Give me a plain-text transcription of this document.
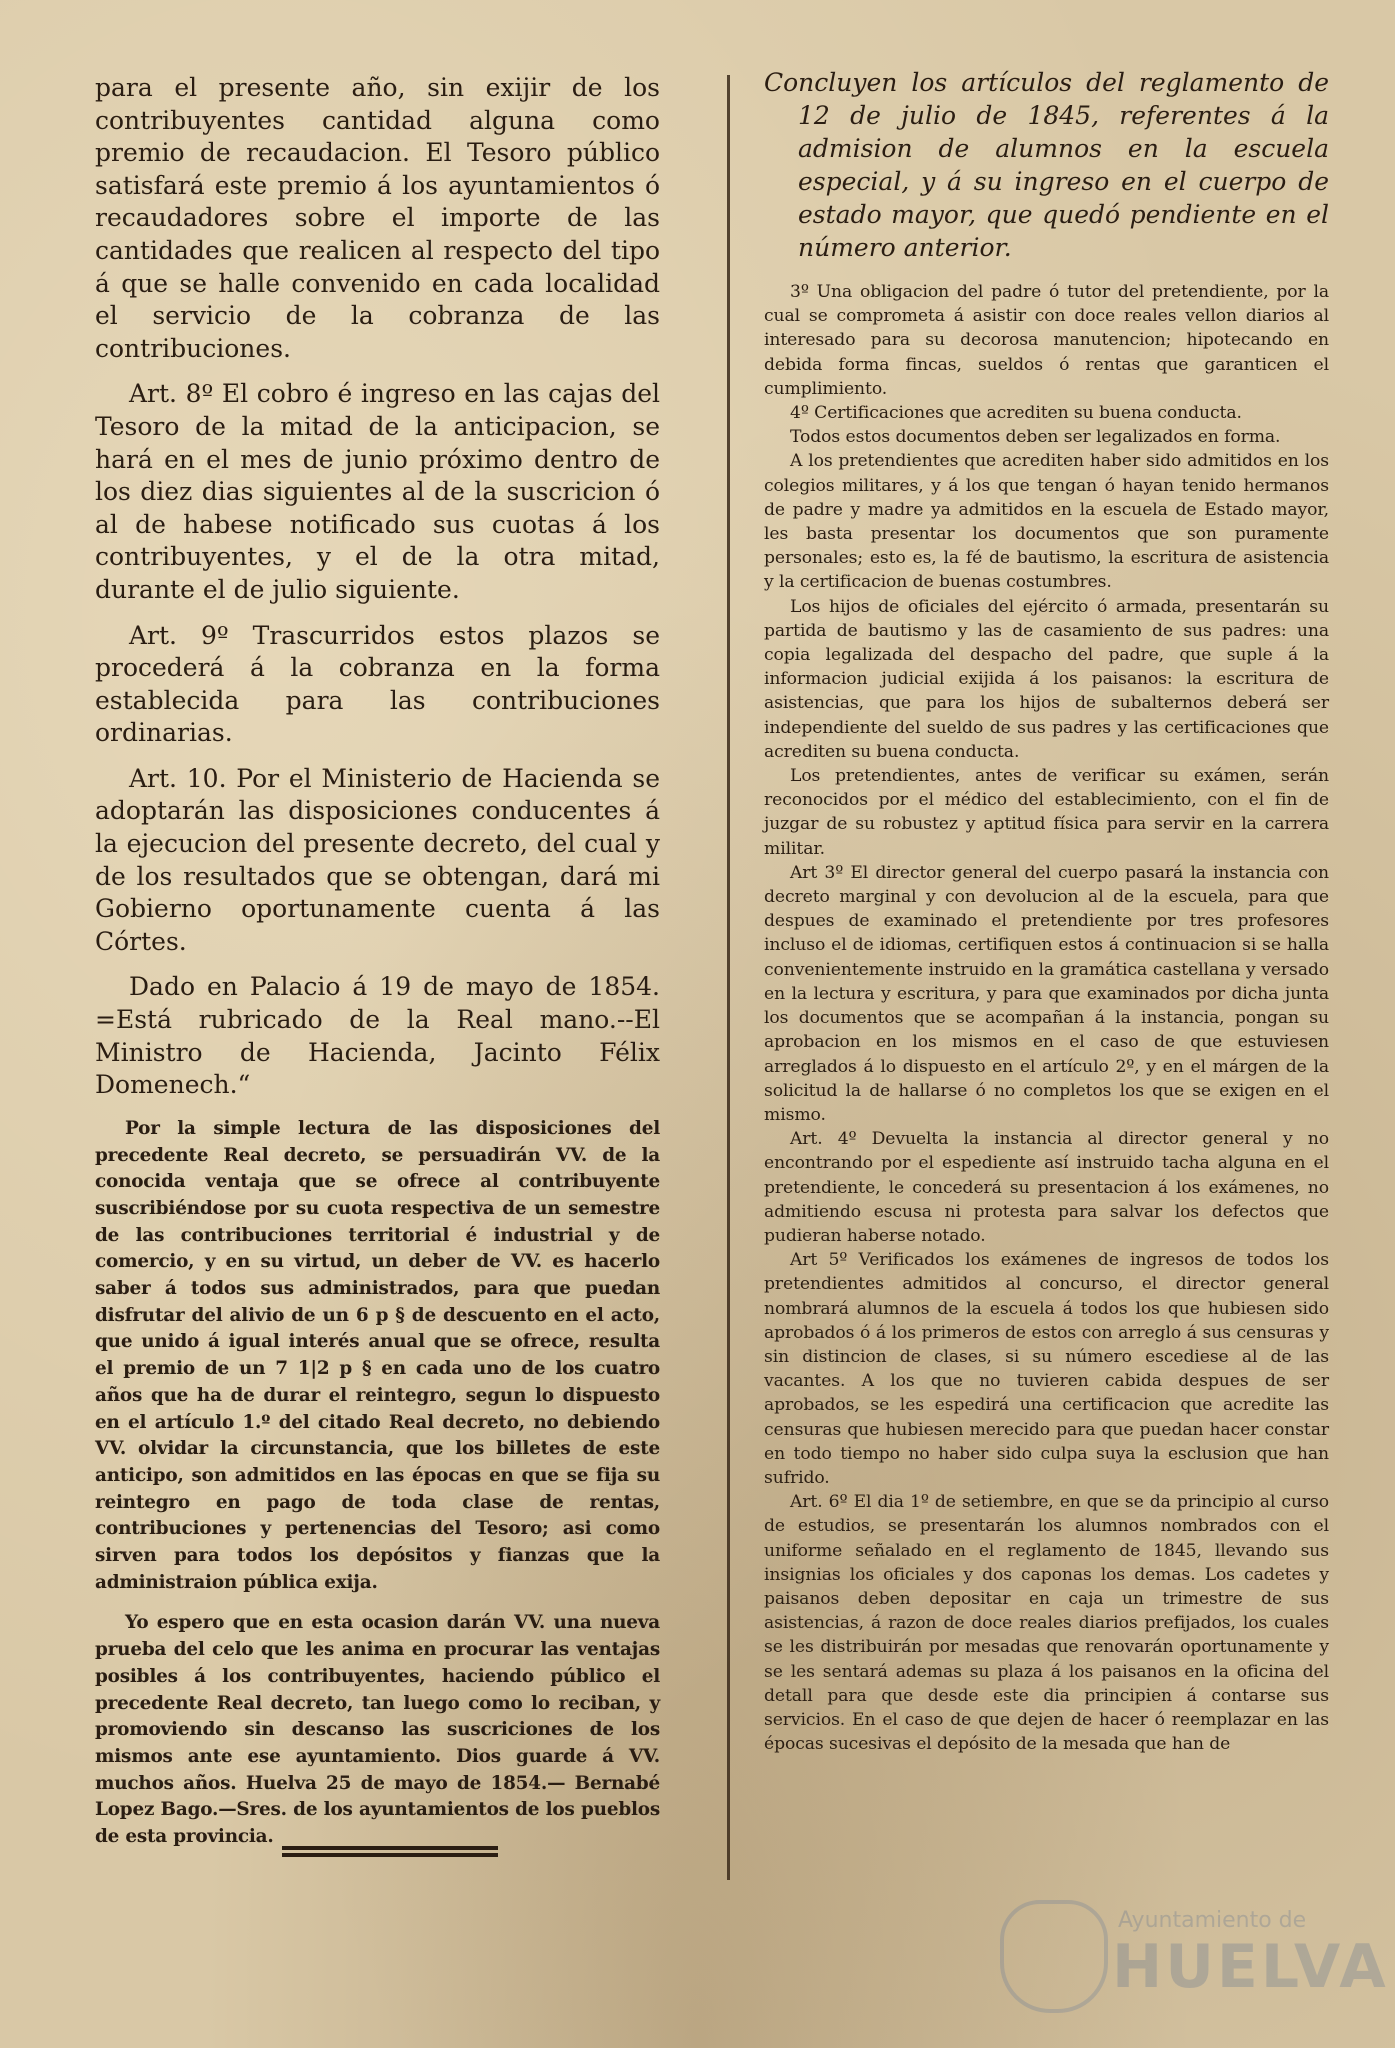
para el presente año, sin exijir de los contribuyentes cantidad alguna como premio de recaudacion. El Tesoro público satisfará este premio á los ayuntamientos ó recaudadores sobre el importe de las cantidades que realicen al respecto del tipo á que se halle convenido en cada localidad el servicio de la cobranza de las contribuciones.

Art. 8º El cobro é ingreso en las cajas del Tesoro de la mitad de la anticipacion, se hará en el mes de junio próximo dentro de los diez dias siguientes al de la suscricion ó al de habese notificado sus cuotas á los contribuyentes, y el de la otra mitad, durante el de julio siguiente.

Art. 9º Trascurridos estos plazos se procederá á la cobranza en la forma establecida para las contribuciones ordinarias.

Art. 10. Por el Ministerio de Hacienda se adoptarán las disposiciones conducentes á la ejecucion del presente decreto, del cual y de los resultados que se obtengan, dará mi Gobierno oportunamente cuenta á las Córtes.

Dado en Palacio á 19 de mayo de 1854. =Está rubricado de la Real mano.--El Ministro de Hacienda, Jacinto Félix Domenech.“

Por la simple lectura de las disposiciones del precedente Real decreto, se persuadirán VV. de la conocida ventaja que se ofrece al contribuyente suscribiéndose por su cuota respectiva de un semestre de las contribuciones territorial é industrial y de comercio, y en su virtud, un deber de VV. es hacerlo saber á todos sus administrados, para que puedan disfrutar del alivio de un 6 p § de descuento en el acto, que unido á igual interés anual que se ofrece, resulta el premio de un 7 1|2 p § en cada uno de los cuatro años que ha de durar el reintegro, segun lo dispuesto en el artículo 1.º del citado Real decreto, no debiendo VV. olvidar la circunstancia, que los billetes de este anticipo, son admitidos en las épocas en que se fija su reintegro en pago de toda clase de rentas, contribuciones y pertenencias del Tesoro; asi como sirven para todos los depósitos y fianzas que la administraion pública exija.

Yo espero que en esta ocasion darán VV. una nueva prueba del celo que les anima en procurar las ventajas posibles á los contribuyentes, haciendo público el precedente Real decreto, tan luego como lo reciban, y promoviendo sin descanso las suscriciones de los mismos ante ese ayuntamiento. Dios guarde á VV. muchos años. Huelva 25 de mayo de 1854.— Bernabé Lopez Bago.—Sres. de los ayuntamientos de los pueblos de esta provincia.

Concluyen los artículos del reglamento de 12 de julio de 1845, referentes á la admision de alumnos en la escuela especial, y á su ingreso en el cuerpo de estado mayor, que quedó pendiente en el número anterior.

3º Una obligacion del padre ó tutor del pretendiente, por la cual se comprometa á asistir con doce reales vellon diarios al interesado para su decorosa manutencion; hipotecando en debida forma fincas, sueldos ó rentas que garanticen el cumplimiento.

4º Certificaciones que acrediten su buena conducta.

Todos estos documentos deben ser legalizados en forma.

A los pretendientes que acrediten haber sido admitidos en los colegios militares, y á los que tengan ó hayan tenido hermanos de padre y madre ya admitidos en la escuela de Estado mayor, les basta presentar los documentos que son puramente personales; esto es, la fé de bautismo, la escritura de asistencia y la certificacion de buenas costumbres.

Los hijos de oficiales del ejército ó armada, presentarán su partida de bautismo y las de casamiento de sus padres: una copia legalizada del despacho del padre, que suple á la informacion judicial exijida á los paisanos: la escritura de asistencias, que para los hijos de subalternos deberá ser independiente del sueldo de sus padres y las certificaciones que acrediten su buena conducta.

Los pretendientes, antes de verificar su exámen, serán reconocidos por el médico del establecimiento, con el fin de juzgar de su robustez y aptitud física para servir en la carrera militar.

Art 3º El director general del cuerpo pasará la instancia con decreto marginal y con devolucion al de la escuela, para que despues de examinado el pretendiente por tres profesores incluso el de idiomas, certifiquen estos á continuacion si se halla convenientemente instruido en la gramática castellana y versado en la lectura y escritura, y para que examinados por dicha junta los documentos que se acompañan á la instancia, pongan su aprobacion en los mismos en el caso de que estuviesen arreglados á lo dispuesto en el artículo 2º, y en el márgen de la solicitud la de hallarse ó no completos los que se exigen en el mismo.

Art. 4º Devuelta la instancia al director general y no encontrando por el espediente así instruido tacha alguna en el pretendiente, le concederá su presentacion á los exámenes, no admitiendo escusa ni protesta para salvar los defectos que pudieran haberse notado.

Art 5º Verificados los exámenes de ingresos de todos los pretendientes admitidos al concurso, el director general nombrará alumnos de la escuela á todos los que hubiesen sido aprobados ó á los primeros de estos con arreglo á sus censuras y sin distincion de clases, si su número escediese al de las vacantes. A los que no tuvieren cabida despues de ser aprobados, se les espedirá una certificacion que acredite las censuras que hubiesen merecido para que puedan hacer constar en todo tiempo no haber sido culpa suya la esclusion que han sufrido.

Art. 6º El dia 1º de setiembre, en que se da principio al curso de estudios, se presentarán los alumnos nombrados con el uniforme señalado en el reglamento de 1845, llevando sus insignias los oficiales y dos caponas los demas. Los cadetes y paisanos deben depositar en caja un trimestre de sus asistencias, á razon de doce reales diarios prefijados, los cuales se les distribuirán por mesadas que renovarán oportunamente y se les sentará ademas su plaza á los paisanos en la oficina del detall para que desde este dia principien á contarse sus servicios. En el caso de que dejen de hacer ó reemplazar en las épocas sucesivas el depósito de la mesada que han de

Ayuntamiento de
HUELVA
